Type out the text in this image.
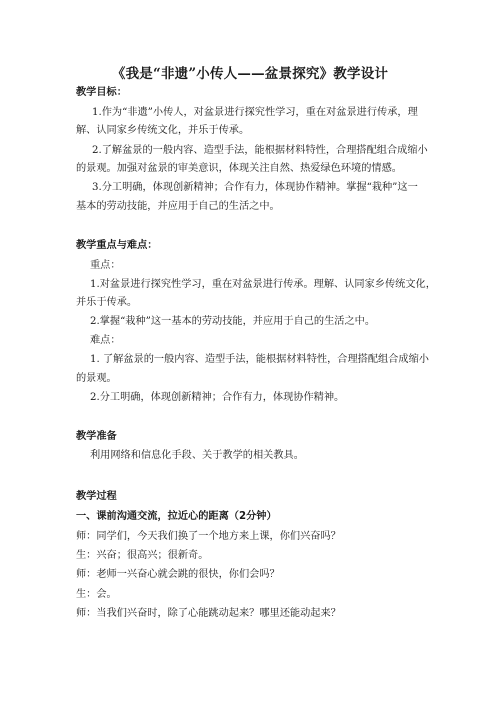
《我是“非遗”小传人——盆景探究》教学设计
教学目标：
1.作为“非遗”小传人，对盆景进行探究性学习，重在对盆景进行传承，理
解、认同家乡传统文化，并乐于传承。
2.了解盆景的一般内容、造型手法，能根据材料特性，合理搭配组合成缩小
的景观。加强对盆景的审美意识，体现关注自然、热爱绿色环境的情感。
3.分工明确，体现创新精神；合作有力，体现协作精神。掌握“栽种”这一
基本的劳动技能，并应用于自己的生活之中。
教学重点与难点：
重点：
1.对盆景进行探究性学习，重在对盆景进行传承。理解、认同家乡传统文化，
并乐于传承。
2.掌握“栽种”这一基本的劳动技能，并应用于自己的生活之中。
难点：
1. 了解盆景的一般内容、造型手法，能根据材料特性，合理搭配组合成缩小
的景观。
2.分工明确，体现创新精神；合作有力，体现协作精神。
教学准备
利用网络和信息化手段、关于教学的相关教具。
教学过程
一、课前沟通交流，拉近心的距离（2分钟）
师：同学们，今天我们换了一个地方来上课，你们兴奋吗？
生：兴奋；很高兴；很新奇。
师：老师一兴奋心就会跳的很快，你们会吗？
生：会。
师：当我们兴奋时，除了心能跳动起来？哪里还能动起来？
